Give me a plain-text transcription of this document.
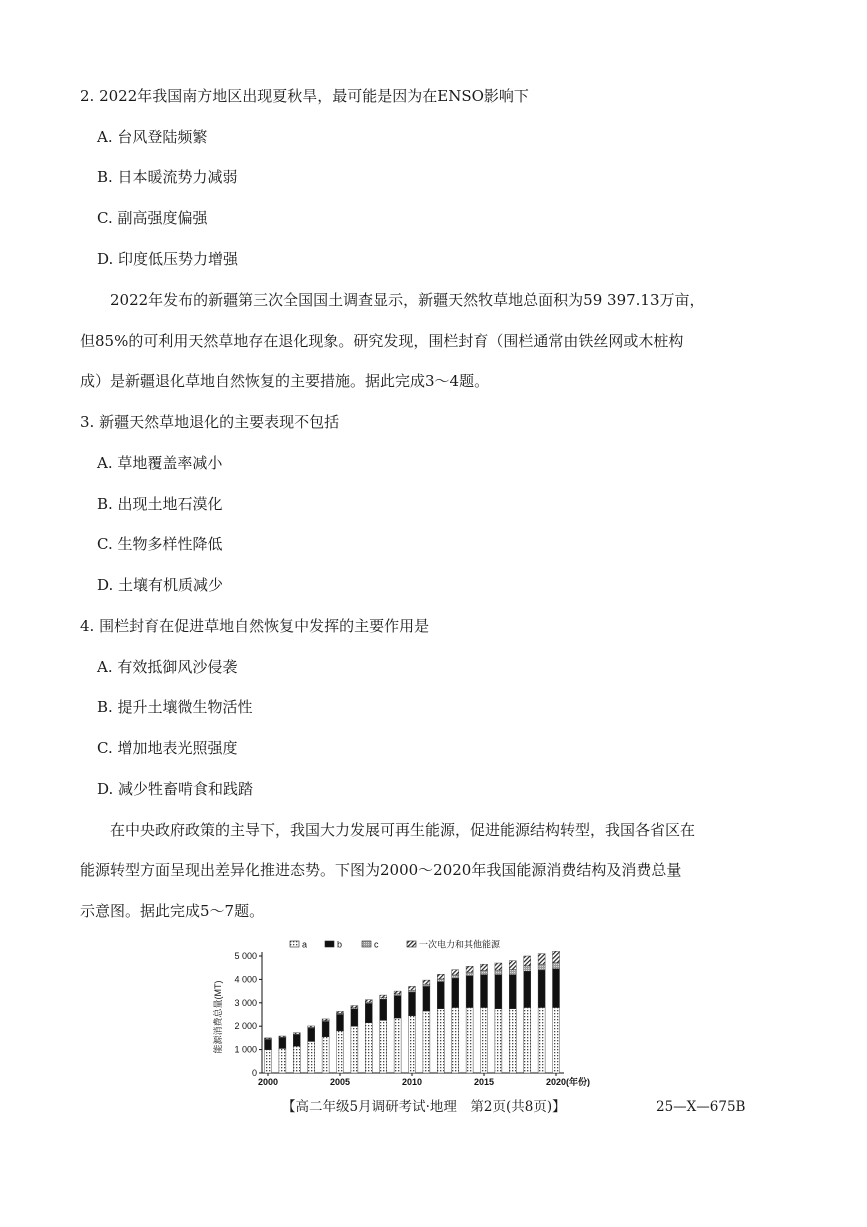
2. 2022年我国南方地区出现夏秋旱，最可能是因为在ENSO影响下
A. 台风登陆频繁
B. 日本暖流势力减弱
C. 副高强度偏强
D. 印度低压势力增强
2022年发布的新疆第三次全国国土调查显示，新疆天然牧草地总面积为59 397.13万亩，
但85%的可利用天然草地存在退化现象。研究发现，围栏封育（围栏通常由铁丝网或木桩构
成）是新疆退化草地自然恢复的主要措施。据此完成3～4题。
3. 新疆天然草地退化的主要表现不包括
A. 草地覆盖率减小
B. 出现土地石漠化
C. 生物多样性降低
D. 土壤有机质减少
4. 围栏封育在促进草地自然恢复中发挥的主要作用是
A. 有效抵御风沙侵袭
B. 提升土壤微生物活性
C. 增加地表光照强度
D. 减少牲畜啃食和践踏
在中央政府政策的主导下，我国大力发展可再生能源，促进能源结构转型，我国各省区在
能源转型方面呈现出差异化推进态势。下图为2000～2020年我国能源消费结构及消费总量
示意图。据此完成5～7题。
a	b	c	一次电力和其他能源
能源消费总量(MT)
0
1 000
2 000
3 000
4 000
5 000
2000	2005	2010	2015	2020 (年份)
【高二年级5月调研考试·地理　第2页(共8页)】	25—X—675B
